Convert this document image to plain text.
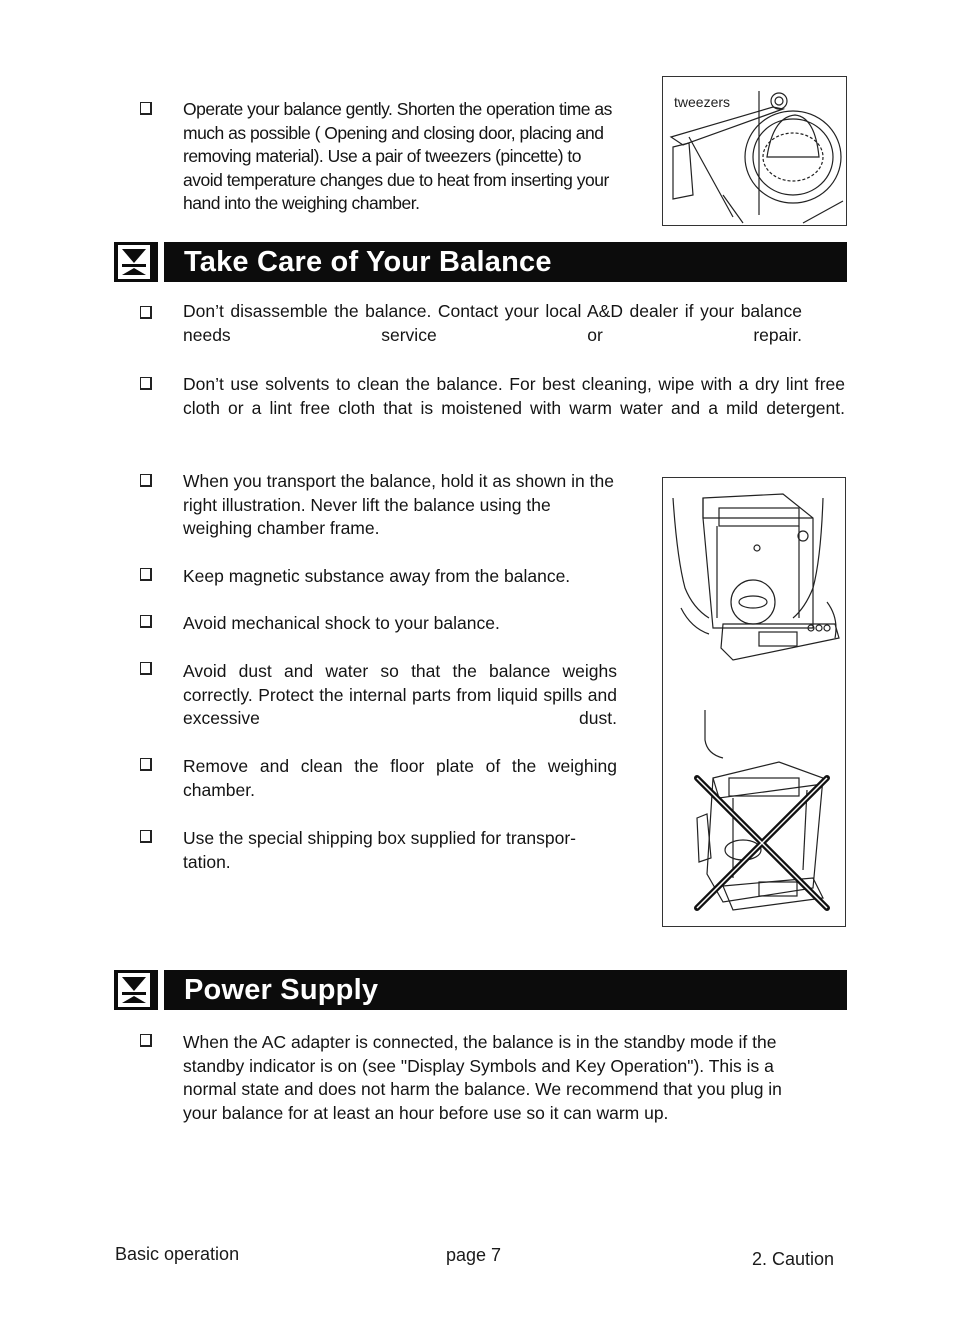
Operate your balance gently. Shorten the operation time as much as possible ( Opening and closing door, placing and removing material). Use a pair of tweezers (pincette) to avoid temperature changes due to heat from inserting your hand into the weighing chamber.
tweezers
Take Care of Your Balance
Don’t disassemble the balance. Contact your local A&D dealer if your balance needs service or repair.
Don’t use solvents to clean the balance. For best cleaning, wipe with a dry lint free cloth or a lint free cloth that is moistened with warm water and a mild detergent.
When you transport the balance, hold it as shown in the right illustration. Never lift the balance using the weighing chamber frame.
Keep magnetic substance away from the balance.
Avoid mechanical shock to your balance.
Avoid dust and water so that the balance weighs correctly. Protect the internal parts from liquid spills and excessive dust.
Remove and clean the floor plate of the weighing chamber.
Use the special shipping box supplied for transpor-tation.
Power Supply
When the AC adapter is connected, the balance is in the standby mode if the standby indicator is on (see "Display Symbols and Key Operation"). This is a normal state and does not harm the balance. We recommend that you plug in your balance for at least an hour before use so it can warm up.
Basic operation	page 7	2. Caution
